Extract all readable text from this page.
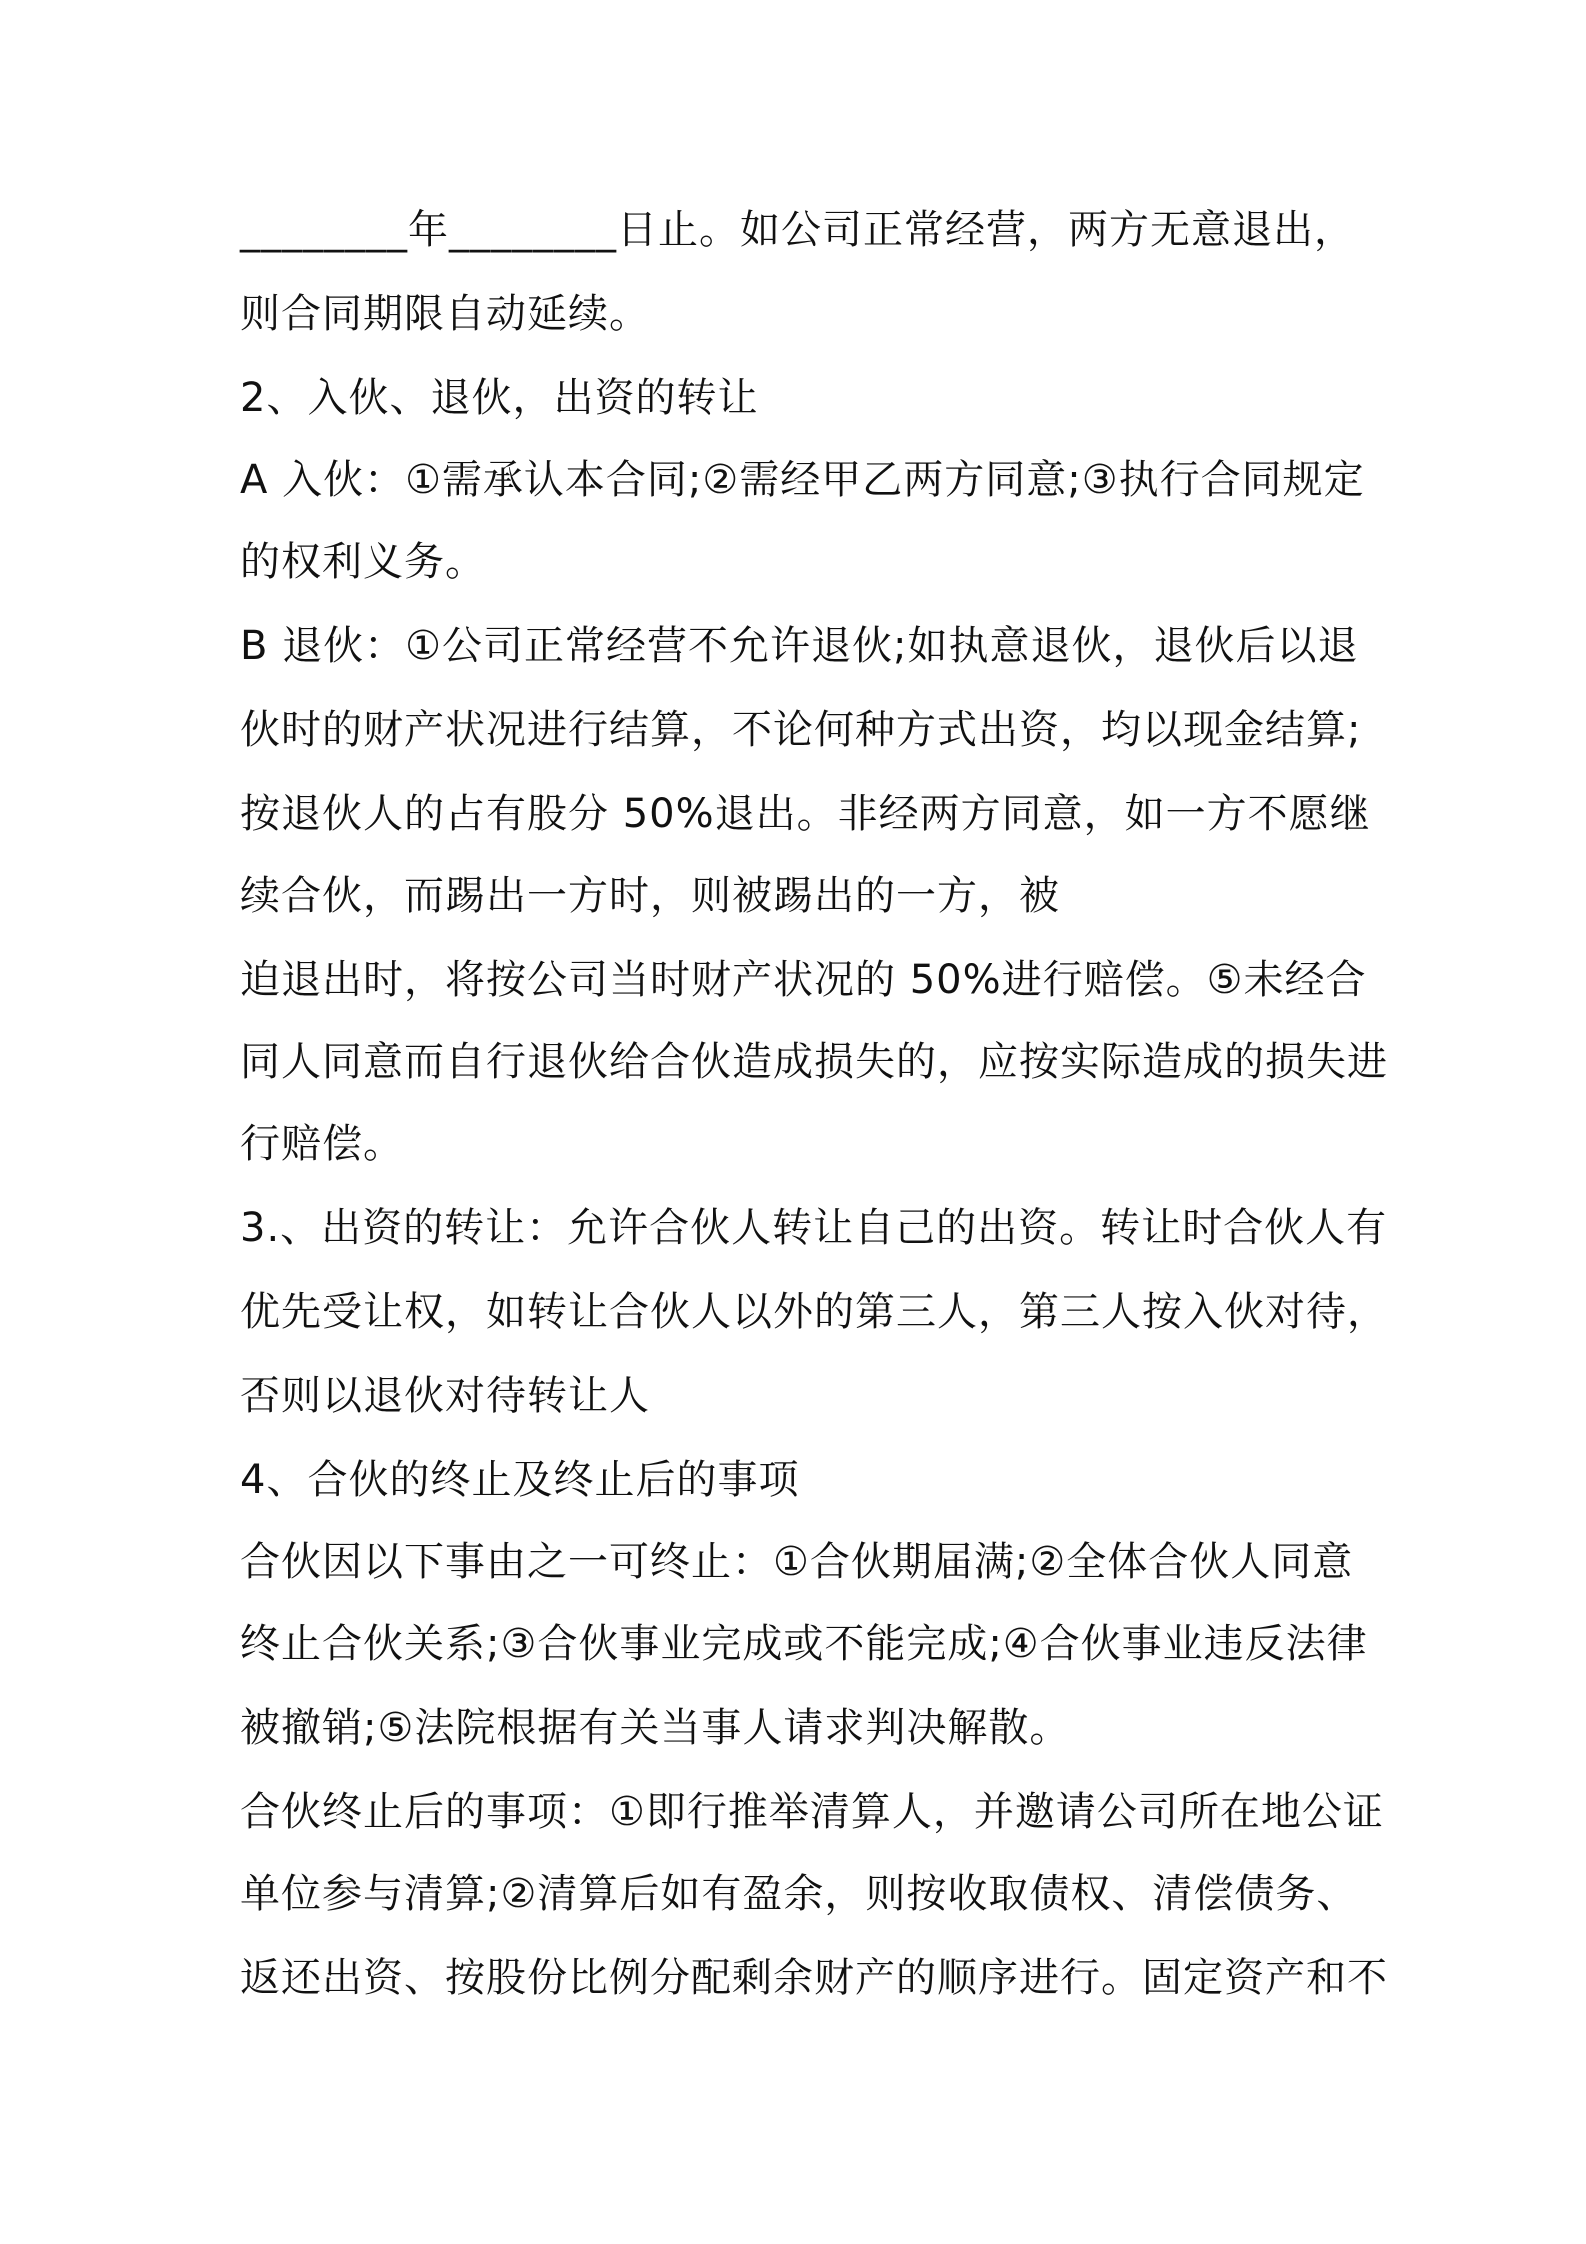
________年________日止。如公司正常经营，两方无意退出，
则合同期限自动延续。
2、入伙、退伙，出资的转让
A 入伙：①需承认本合同;②需经甲乙两方同意;③执行合同规定
的权利义务。
B 退伙：①公司正常经营不允许退伙;如执意退伙，退伙后以退
伙时的财产状况进行结算，不论何种方式出资，均以现金结算;
按退伙人的占有股分 50%退出。非经两方同意，如一方不愿继
续合伙，而踢出一方时，则被踢出的一方，被
迫退出时，将按公司当时财产状况的 50%进行赔偿。⑤未经合
同人同意而自行退伙给合伙造成损失的，应按实际造成的损失进
行赔偿。
3.、出资的转让：允许合伙人转让自己的出资。转让时合伙人有
优先受让权，如转让合伙人以外的第三人，第三人按入伙对待，
否则以退伙对待转让人
4、合伙的终止及终止后的事项
合伙因以下事由之一可终止：①合伙期届满;②全体合伙人同意
终止合伙关系;③合伙事业完成或不能完成;④合伙事业违反法律
被撤销;⑤法院根据有关当事人请求判决解散。
合伙终止后的事项：①即行推举清算人，并邀请公司所在地公证
单位参与清算;②清算后如有盈余，则按收取债权、清偿债务、
返还出资、按股份比例分配剩余财产的顺序进行。固定资产和不
